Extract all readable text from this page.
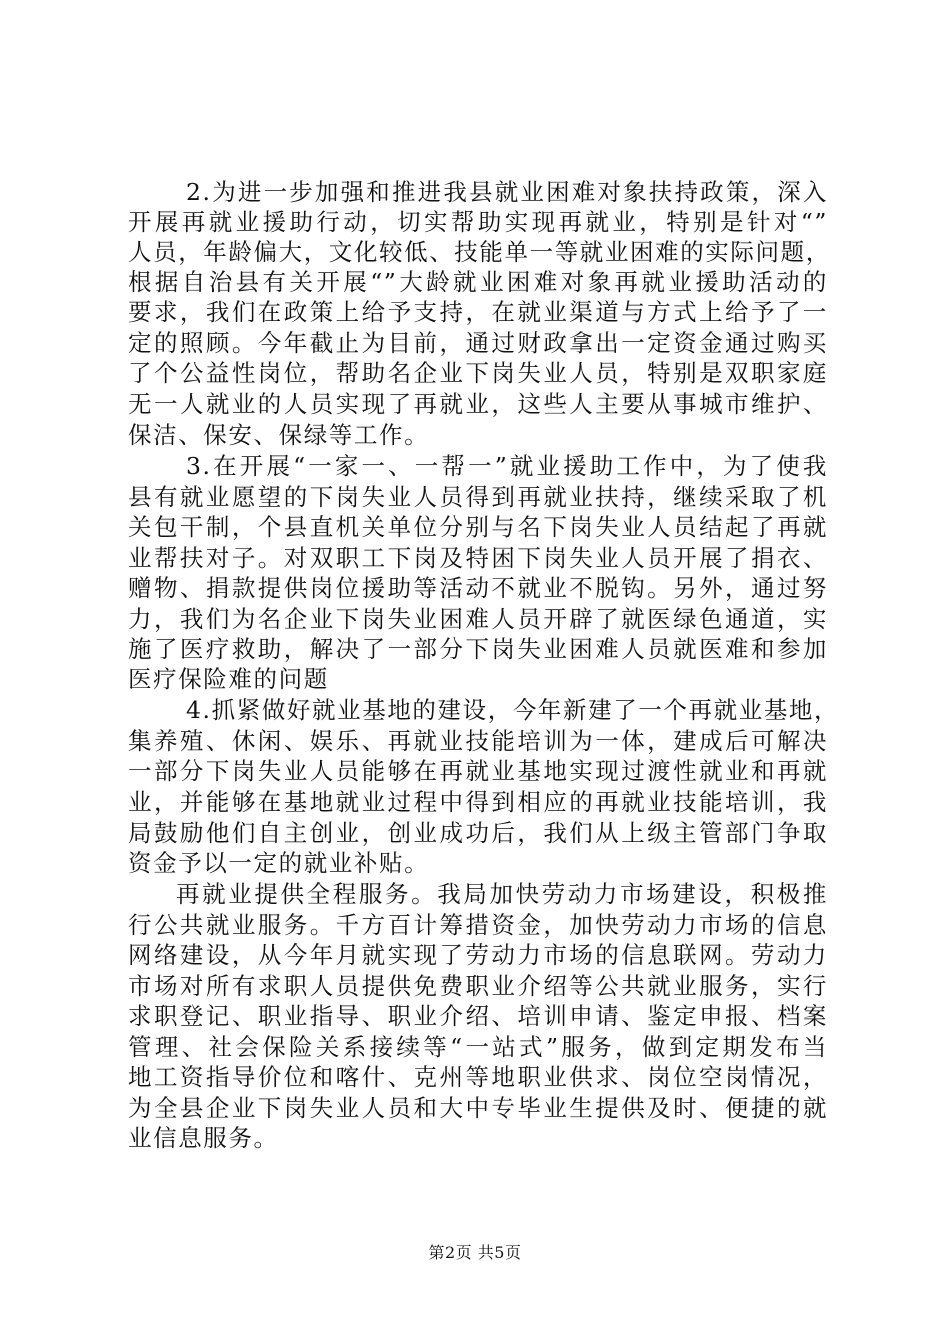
2.为进一步加强和推进我县就业困难对象扶持政策，深入
开展再就业援助行动，切实帮助实现再就业，特别是针对“”
人员，年龄偏大，文化较低、技能单一等就业困难的实际问题，
根据自治县有关开展“”大龄就业困难对象再就业援助活动的
要求，我们在政策上给予支持，在就业渠道与方式上给予了一
定的照顾。今年截止为目前，通过财政拿出一定资金通过购买
了个公益性岗位，帮助名企业下岗失业人员，特别是双职家庭
无一人就业的人员实现了再就业，这些人主要从事城市维护、
保洁、保安、保绿等工作。
3.在开展“一家一、一帮一”就业援助工作中，为了使我
县有就业愿望的下岗失业人员得到再就业扶持，继续采取了机
关包干制，个县直机关单位分别与名下岗失业人员结起了再就
业帮扶对子。对双职工下岗及特困下岗失业人员开展了捐衣、
赠物、捐款提供岗位援助等活动不就业不脱钩。另外，通过努
力，我们为名企业下岗失业困难人员开辟了就医绿色通道，实
施了医疗救助，解决了一部分下岗失业困难人员就医难和参加
医疗保险难的问题
4.抓紧做好就业基地的建设，今年新建了一个再就业基地，
集养殖、休闲、娱乐、再就业技能培训为一体，建成后可解决
一部分下岗失业人员能够在再就业基地实现过渡性就业和再就
业，并能够在基地就业过程中得到相应的再就业技能培训，我
局鼓励他们自主创业，创业成功后，我们从上级主管部门争取
资金予以一定的就业补贴。
再就业提供全程服务。我局加快劳动力市场建设，积极推
行公共就业服务。千方百计筹措资金，加快劳动力市场的信息
网络建设，从今年月就实现了劳动力市场的信息联网。劳动力
市场对所有求职人员提供免费职业介绍等公共就业服务，实行
求职登记、职业指导、职业介绍、培训申请、鉴定申报、档案
管理、社会保险关系接续等“一站式”服务，做到定期发布当
地工资指导价位和喀什、克州等地职业供求、岗位空岗情况，
为全县企业下岗失业人员和大中专毕业生提供及时、便捷的就
业信息服务。
第2页 共5页
